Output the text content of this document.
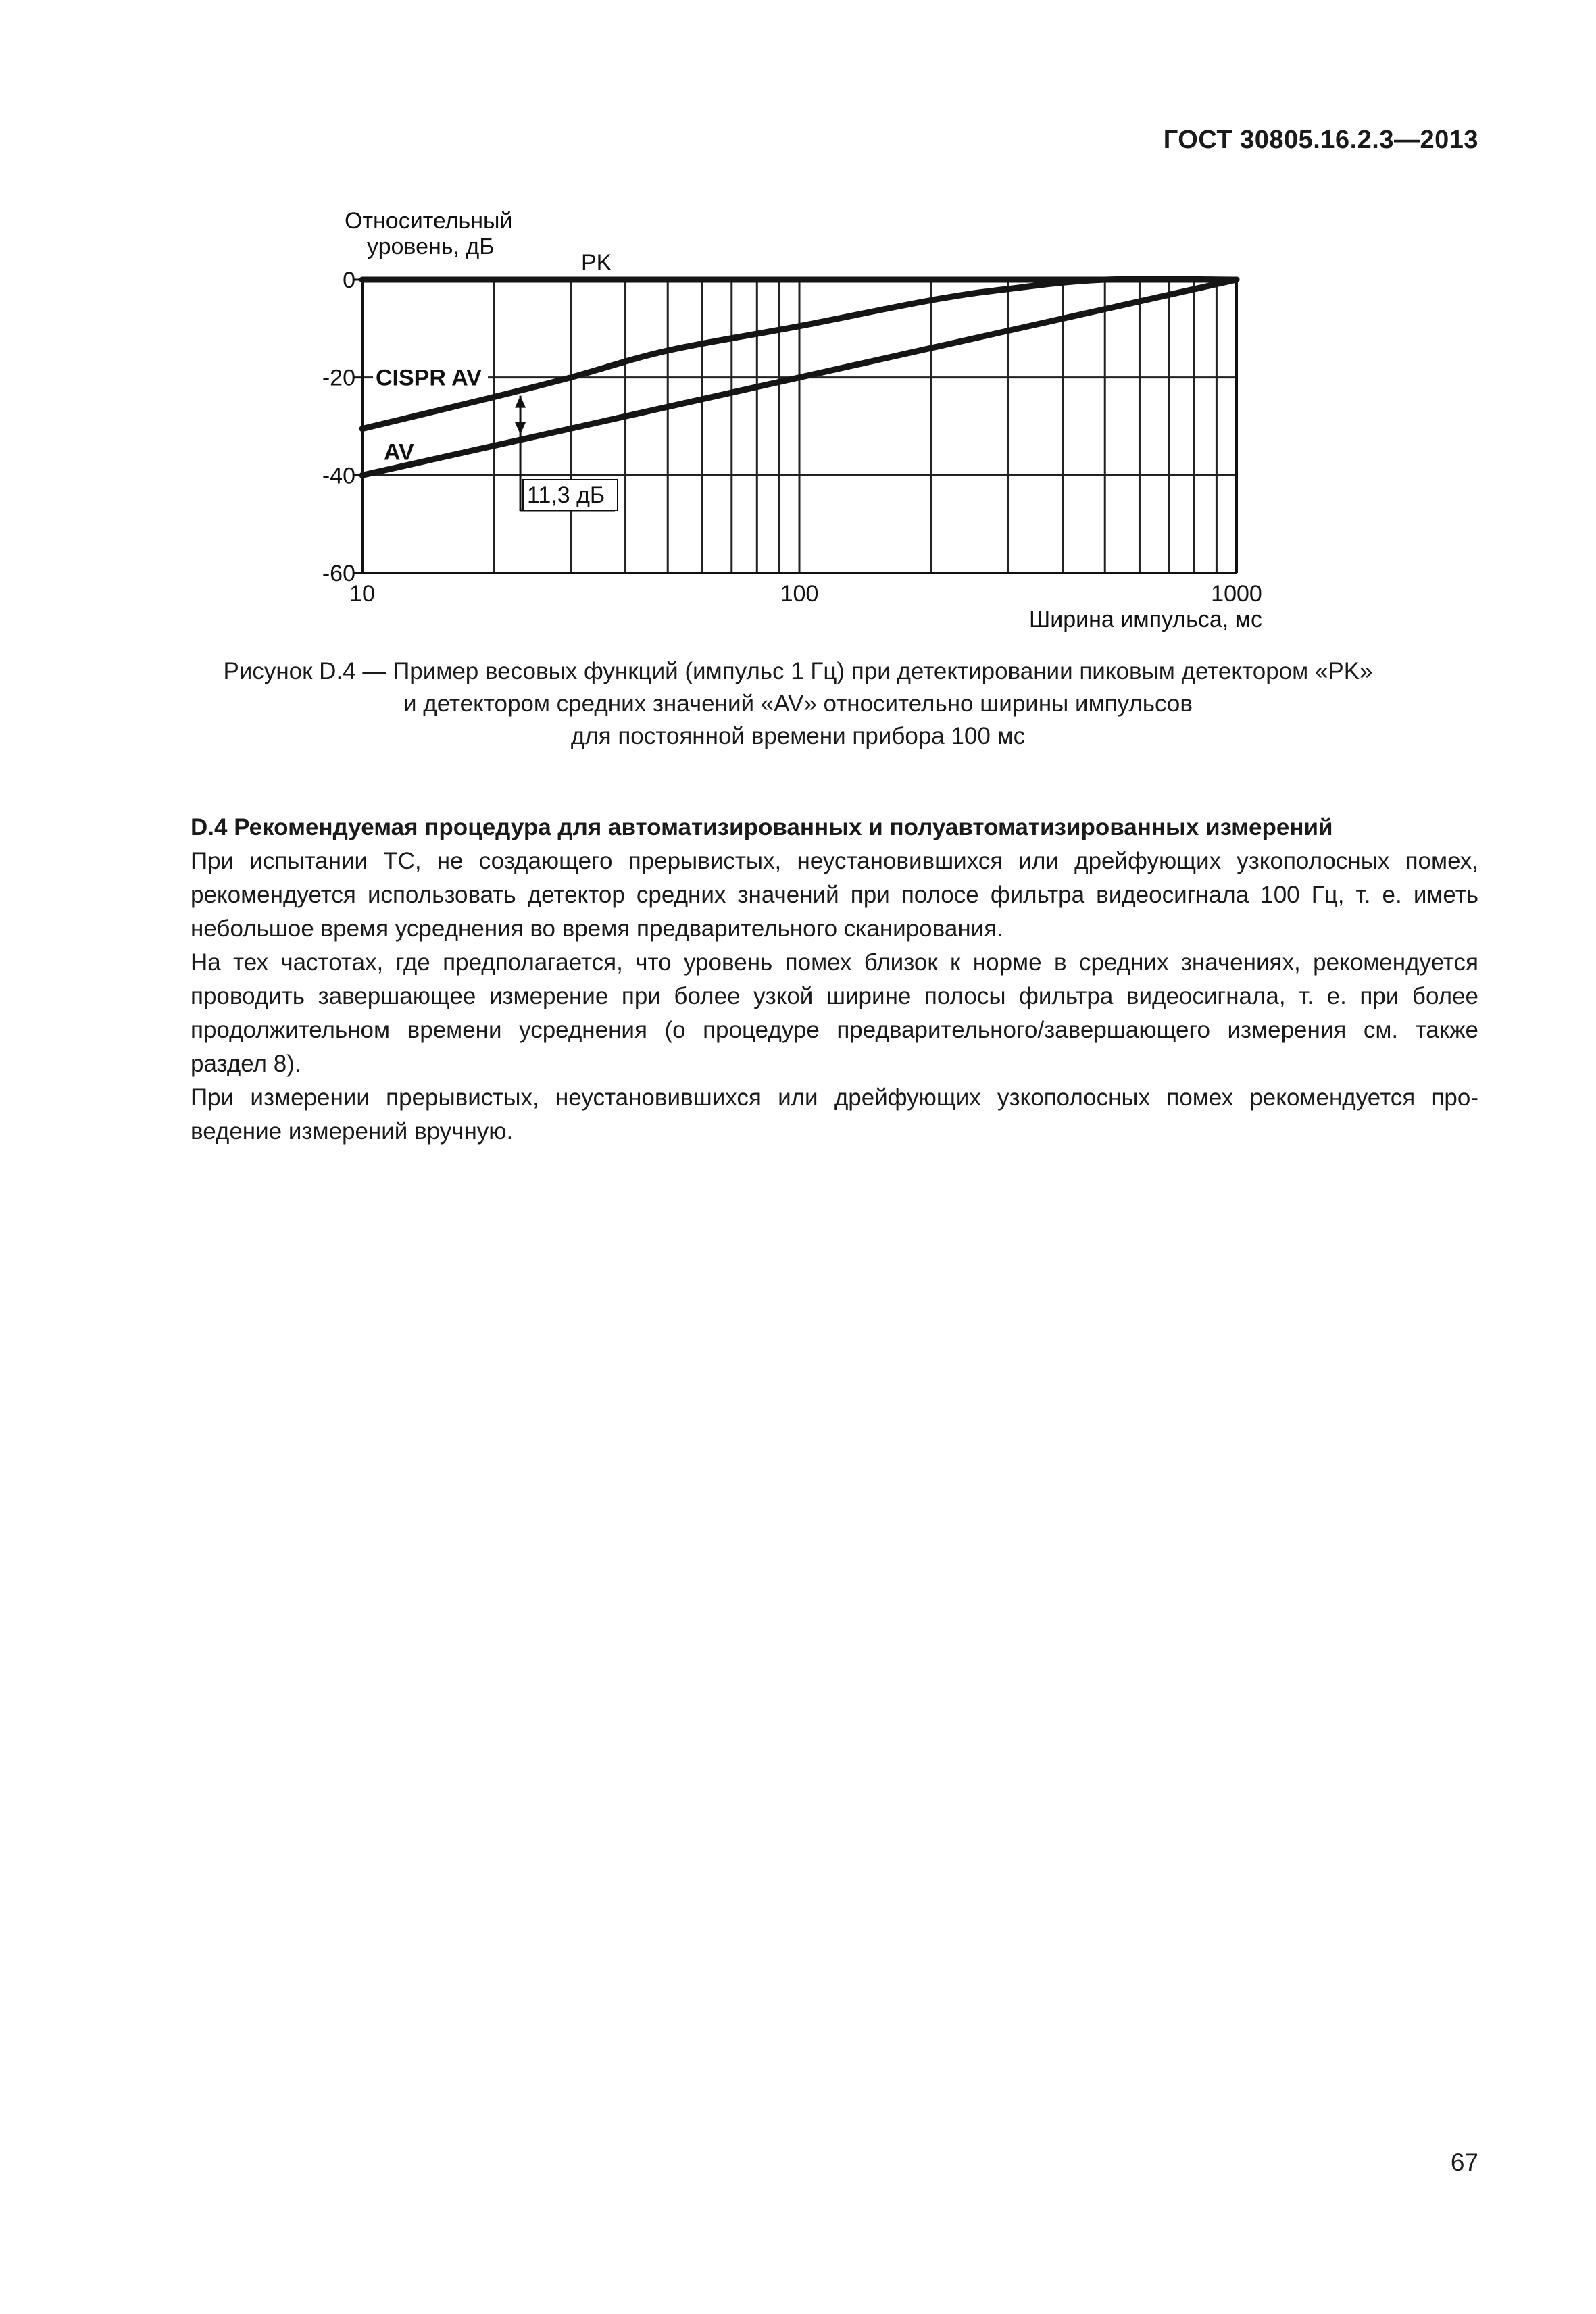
ГОСТ 30805.16.2.3—2013
Относительный
уровень, дБ
0
-20
-40
-60
10	100	1000
Ширина импульса, мс
PK
CISPR AV
AV
11,3 дБ
Рисунок D.4 — Пример весовых функций (импульс 1 Гц) при детектировании пиковым детектором «PK»
и детектором средних значений «AV» относительно ширины импульсов
для постоянной времени прибора 100 мс
D.4 Рекомендуемая процедура для автоматизированных и полуавтоматизированных измерений
При испытании ТС, не создающего прерывистых, неустановившихся или дрейфующих узкополосных помех,
рекомендуется использовать детектор средних значений при полосе фильтра видеосигнала 100 Гц, т. е. иметь
небольшое время усреднения во время предварительного сканирования.
На тех частотах, где предполагается, что уровень помех близок к норме в средних значениях, рекомендуется
проводить завершающее измерение при более узкой ширине полосы фильтра видеосигнала, т. е. при более
продолжительном времени усреднения (о процедуре предварительного/завершающего измерения см. также
раздел 8).
При измерении прерывистых, неустановившихся или дрейфующих узкополосных помех рекомендуется про-
ведение измерений вручную.
67
